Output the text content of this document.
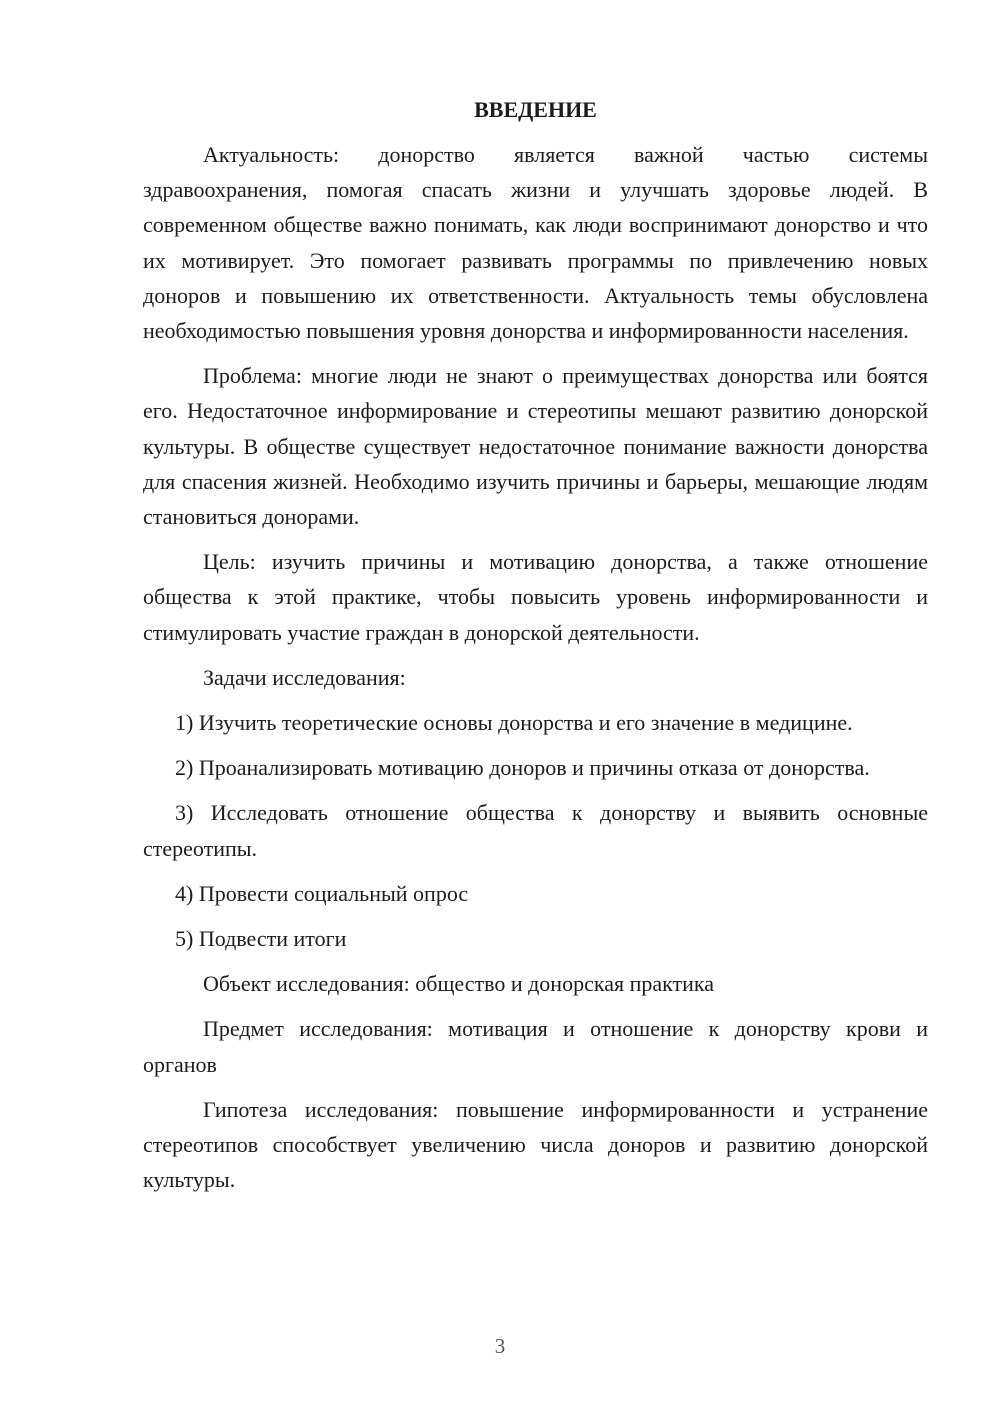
ВВЕДЕНИЕ

Актуальность: донорство является важной частью системы здравоохранения, помогая спасать жизни и улучшать здоровье людей. В современном обществе важно понимать, как люди воспринимают донорство и что их мотивирует. Это помогает развивать программы по привлечению новых доноров и повышению их ответственности. Актуальность темы обусловлена необходимостью повышения уровня донорства и информированности населения.

Проблема: многие люди не знают о преимуществах донорства или боятся его. Недостаточное информирование и стереотипы мешают развитию донорской культуры. В обществе существует недостаточное понимание важности донорства для спасения жизней. Необходимо изучить причины и барьеры, мешающие людям становиться донорами.

Цель: изучить причины и мотивацию донорства, а также отношение общества к этой практике, чтобы повысить уровень информированности и стимулировать участие граждан в донорской деятельности.

Задачи исследования:

1) Изучить теоретические основы донорства и его значение в медицине.

2) Проанализировать мотивацию доноров и причины отказа от донорства.

3) Исследовать отношение общества к донорству и выявить основные стереотипы.

4) Провести социальный опрос

5) Подвести итоги

Объект исследования: общество и донорская практика

Предмет исследования: мотивация и отношение к донорству крови и органов

Гипотеза исследования: повышение информированности и устранение стереотипов способствует увеличению числа доноров и развитию донорской культуры.

3
